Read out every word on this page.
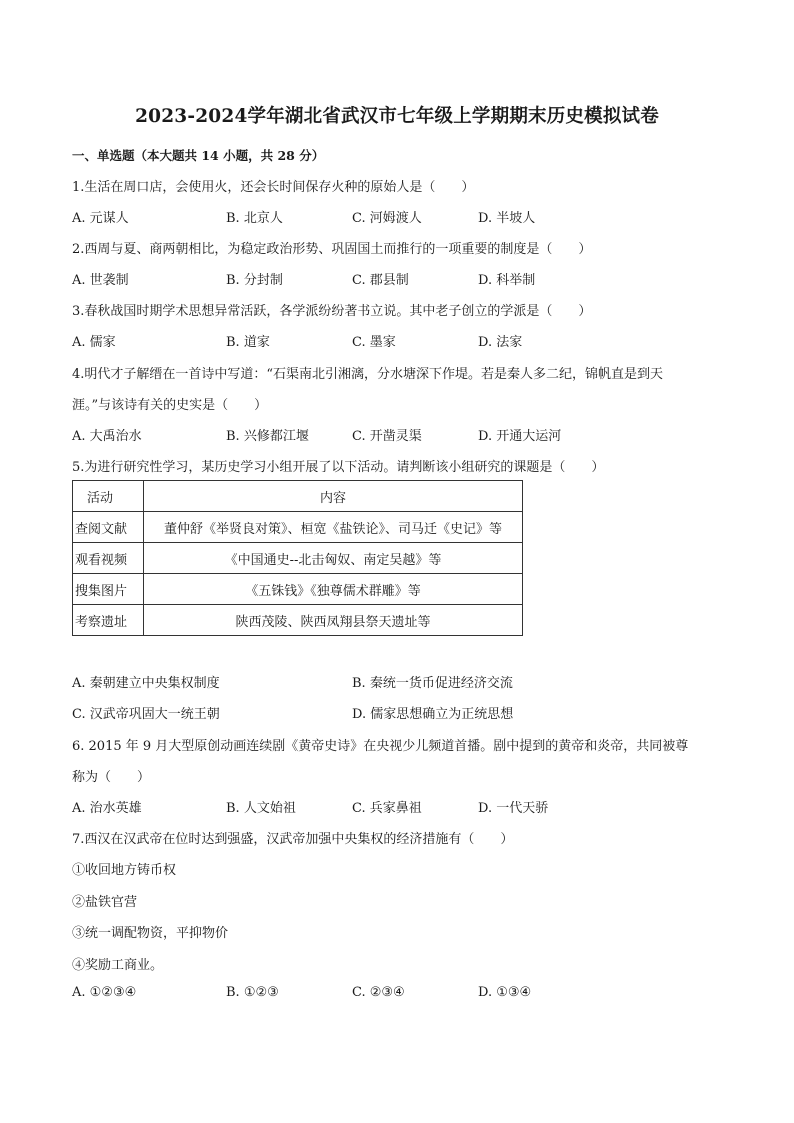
2023-2024学年湖北省武汉市七年级上学期期末历史模拟试卷
一、单选题（本大题共 14 小题，共 28 分）
1.生活在周口店，会使用火，还会长时间保存火种的原始人是（　　）
A. 元谋人	B. 北京人	C. 河姆渡人	D. 半坡人
2.西周与夏、商两朝相比，为稳定政治形势、巩固国土而推行的一项重要的制度是（　　）
A. 世袭制	B. 分封制	C. 郡县制	D. 科举制
3.春秋战国时期学术思想异常活跃，各学派纷纷著书立说。其中老子创立的学派是（　　）
A. 儒家	B. 道家	C. 墨家	D. 法家
4.明代才子解缙在一首诗中写道：“石渠南北引湘漓，分水塘深下作堤。若是秦人多二纪，锦帆直是到天
涯。”与该诗有关的史实是（　　）
A. 大禹治水	B. 兴修都江堰	C. 开凿灵渠	D. 开通大运河
5.为进行研究性学习，某历史学习小组开展了以下活动。请判断该小组研究的课题是（　　）
活动	内容
查阅文献	董仲舒《举贤良对策》、桓宽《盐铁论》、司马迁《史记》等
观看视频	《中国通史--北击匈奴、南定吴越》等
搜集图片	《五铢钱》《独尊儒术群雕》等
考察遗址	陕西茂陵、陕西凤翔县祭天遗址等
A. 秦朝建立中央集权制度	B. 秦统一货币促进经济交流
C. 汉武帝巩固大一统王朝	D. 儒家思想确立为正统思想
6. 2015 年 9 月大型原创动画连续剧《黄帝史诗》在央视少儿频道首播。剧中提到的黄帝和炎帝，共同被尊
称为（　　）
A. 治水英雄	B. 人文始祖	C. 兵家鼻祖	D. 一代天骄
7.西汉在汉武帝在位时达到强盛，汉武帝加强中央集权的经济措施有（　　）
①收回地方铸币权
②盐铁官营
③统一调配物资，平抑物价
④奖励工商业。
A. ①②③④	B. ①②③	C. ②③④	D. ①③④
